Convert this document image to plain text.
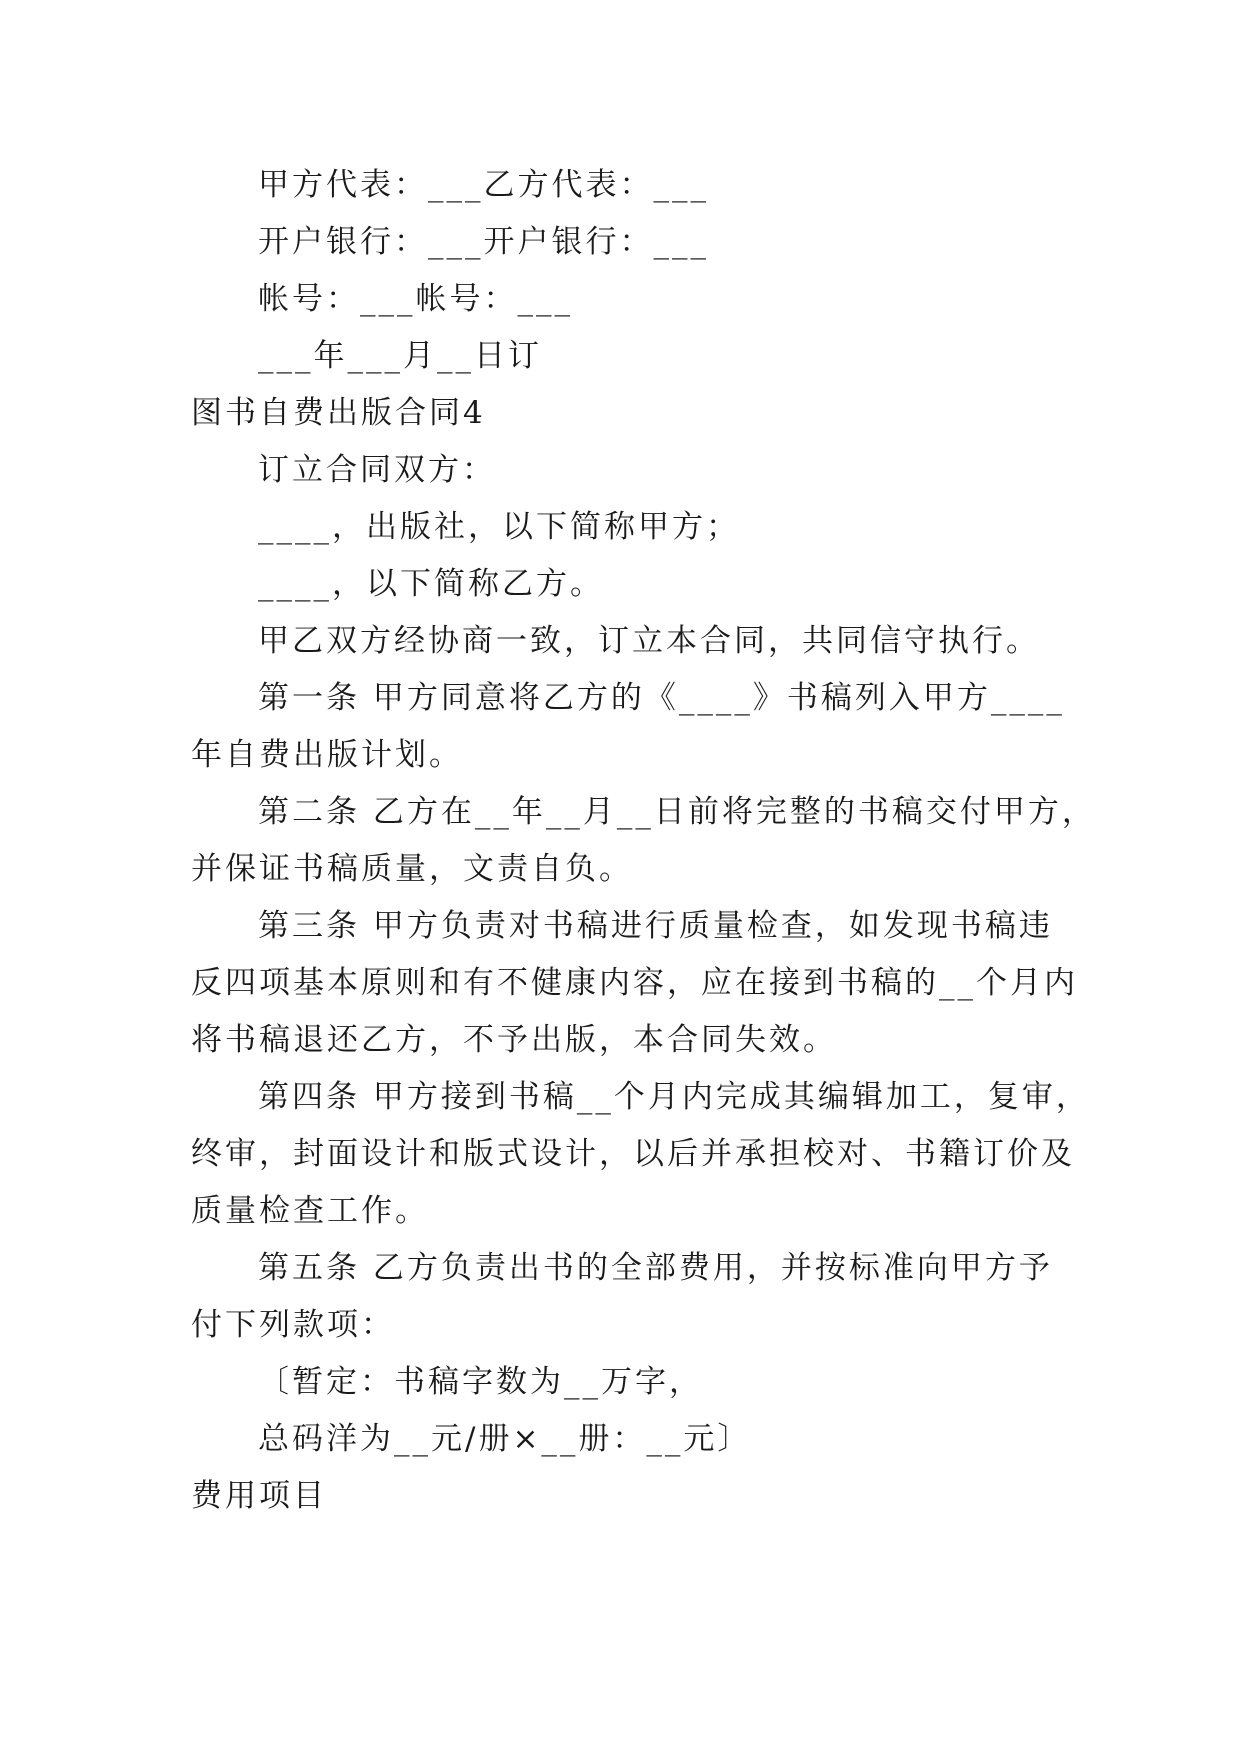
甲方代表：___乙方代表：___
开户银行：___开户银行：___
帐号：___帐号：___
___年___月__日订
图书自费出版合同4
订立合同双方：
____，出版社，以下简称甲方；
____，以下简称乙方。
甲乙双方经协商一致，订立本合同，共同信守执行。
第一条 甲方同意将乙方的《____》书稿列入甲方____
年自费出版计划。
第二条 乙方在__年__月__日前将完整的书稿交付甲方，
并保证书稿质量，文责自负。
第三条 甲方负责对书稿进行质量检查，如发现书稿违
反四项基本原则和有不健康内容，应在接到书稿的__个月内
将书稿退还乙方，不予出版，本合同失效。
第四条 甲方接到书稿__个月内完成其编辑加工，复审，
终审，封面设计和版式设计，以后并承担校对、书籍订价及
质量检查工作。
第五条 乙方负责出书的全部费用，并按标准向甲方予
付下列款项：
〔暂定：书稿字数为__万字，
总码洋为__元/册×__册：__元〕
费用项目
